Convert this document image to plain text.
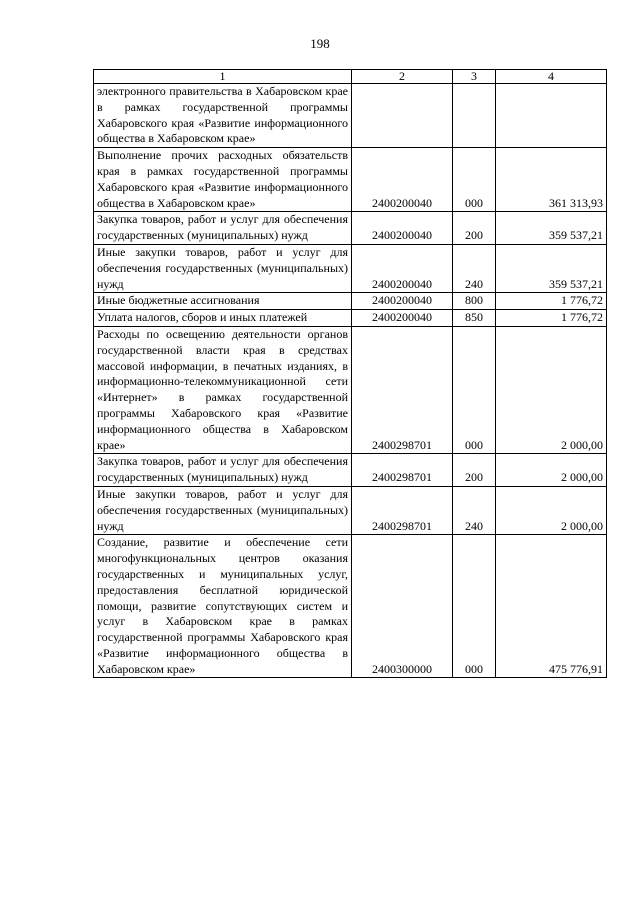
198
1	2	3	4
электронного правительства в Хабаровском крае в рамках государственной программы Хабаровского края «Развитие информационного общества в Хабаровском крае»			
Выполнение прочих расходных обязательств края в рамках государственной программы Хабаровского края «Развитие информационного общества в Хабаровском крае»	2400200040	000	361 313,93
Закупка товаров, работ и услуг для обеспечения государственных (муниципальных) нужд	2400200040	200	359 537,21
Иные закупки товаров, работ и услуг для обеспечения государственных (муниципальных) нужд	2400200040	240	359 537,21
Иные бюджетные ассигнования	2400200040	800	1 776,72
Уплата налогов, сборов и иных платежей	2400200040	850	1 776,72
Расходы по освещению деятельности органов государственной власти края в средствах массовой информации, в печатных изданиях, в информационно-телекоммуникационной сети «Интернет» в рамках государственной программы Хабаровского края «Развитие информационного общества в Хабаровском крае»	2400298701	000	2 000,00
Закупка товаров, работ и услуг для обеспечения государственных (муниципальных) нужд	2400298701	200	2 000,00
Иные закупки товаров, работ и услуг для обеспечения государственных (муниципальных) нужд	2400298701	240	2 000,00
Создание, развитие и обеспечение сети многофункциональных центров оказания государственных и муниципальных услуг, предоставления бесплатной юридической помощи, развитие сопутствующих систем и услуг в Хабаровском крае в рамках государственной программы Хабаровского края «Развитие информационного общества в Хабаровском крае»	2400300000	000	475 776,91
